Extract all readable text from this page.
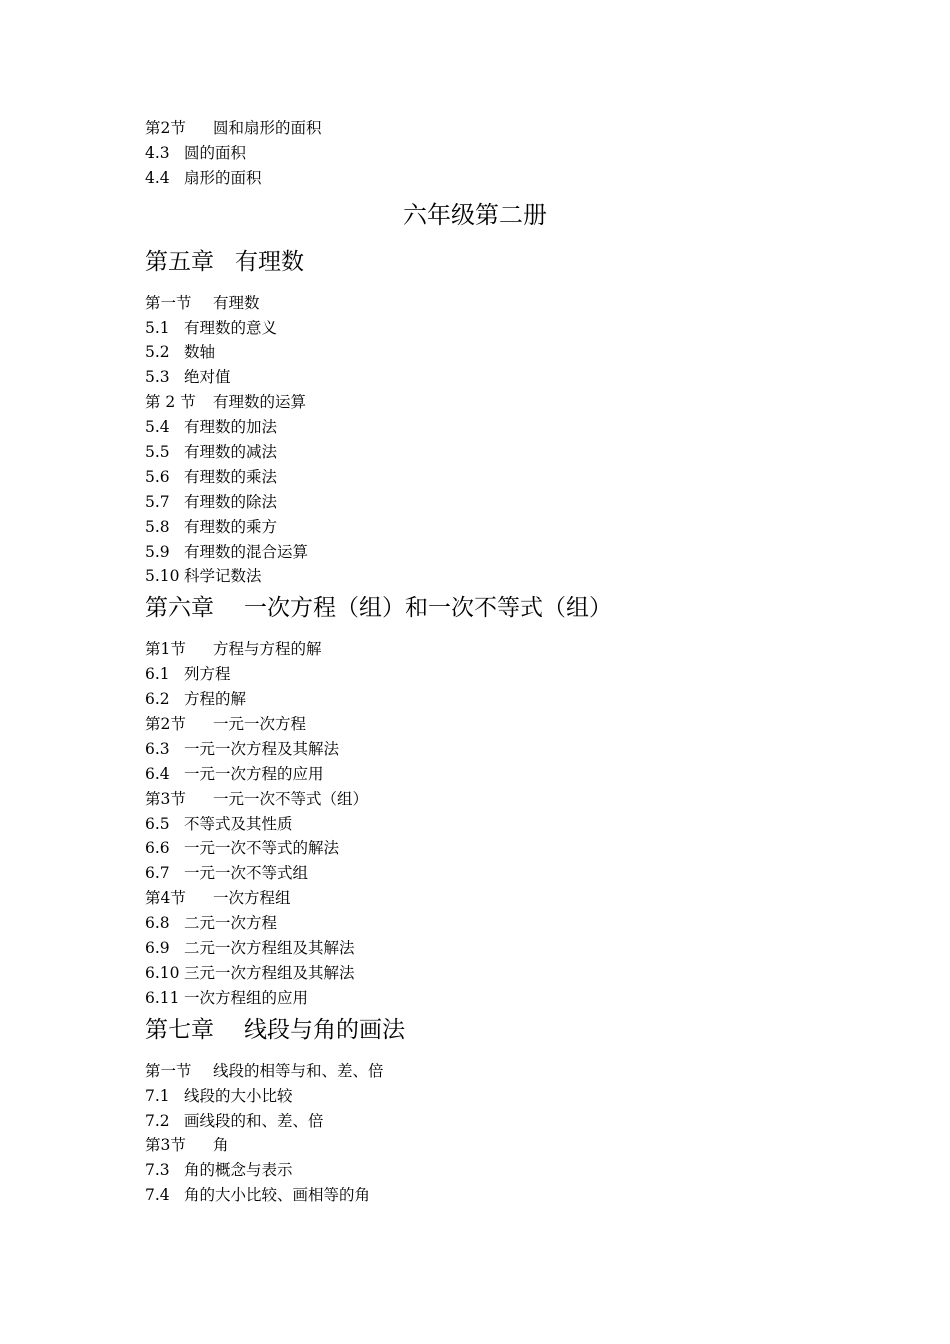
第2节 圆和扇形的面积
4.3 圆的面积
4.4 扇形的面积
六年级第二册
第五章 有理数
第一节 有理数
5.1 有理数的意义
5.2 数轴
5.3 绝对值
第 2 节 有理数的运算
5.4 有理数的加法
5.5 有理数的减法
5.6 有理数的乘法
5.7 有理数的除法
5.8 有理数的乘方
5.9 有理数的混合运算
5.10 科学记数法
第六章 一次方程（组）和一次不等式（组）
第1节 方程与方程的解
6.1 列方程
6.2 方程的解
第2节 一元一次方程
6.3 一元一次方程及其解法
6.4 一元一次方程的应用
第3节 一元一次不等式（组）
6.5 不等式及其性质
6.6 一元一次不等式的解法
6.7 一元一次不等式组
第4节 一次方程组
6.8 二元一次方程
6.9 二元一次方程组及其解法
6.10 三元一次方程组及其解法
6.11 一次方程组的应用
第七章 线段与角的画法
第一节 线段的相等与和、差、倍
7.1 线段的大小比较
7.2 画线段的和、差、倍
第3节 角
7.3 角的概念与表示
7.4 角的大小比较、画相等的角
